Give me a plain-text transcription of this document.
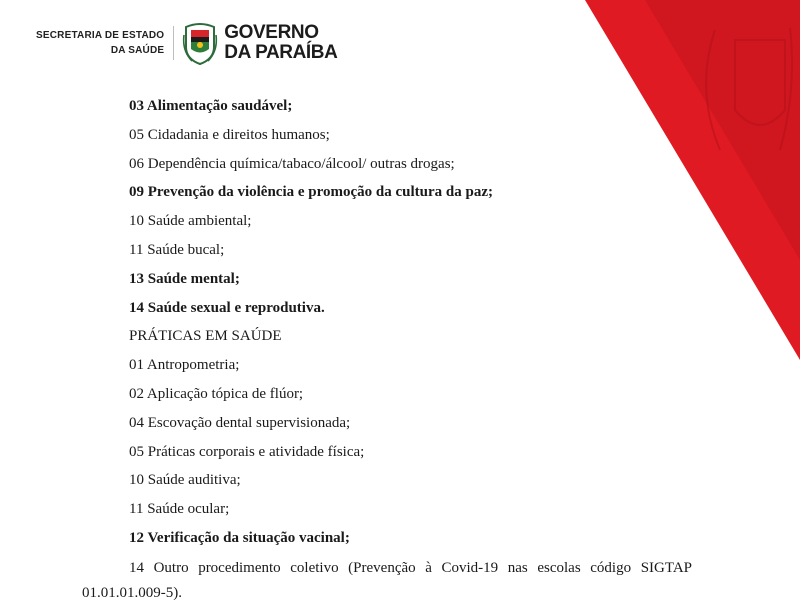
SECRETARIA DE ESTADO
DA SAÚDE
GOVERNO
DA PARAÍBA
03 Alimentação saudável;
05 Cidadania e direitos humanos;
06 Dependência química/tabaco/álcool/ outras drogas;
09 Prevenção da violência e promoção da cultura da paz;
10 Saúde ambiental;
11 Saúde bucal;
13 Saúde mental;
14 Saúde sexual e reprodutiva.
PRÁTICAS EM SAÚDE
01 Antropometria;
02 Aplicação tópica de flúor;
04 Escovação dental supervisionada;
05 Práticas corporais e atividade física;
10 Saúde auditiva;
11 Saúde ocular;
12 Verificação da situação vacinal;
14 Outro procedimento coletivo (Prevenção à Covid-19 nas escolas código SIGTAP
01.01.01.009-5).
